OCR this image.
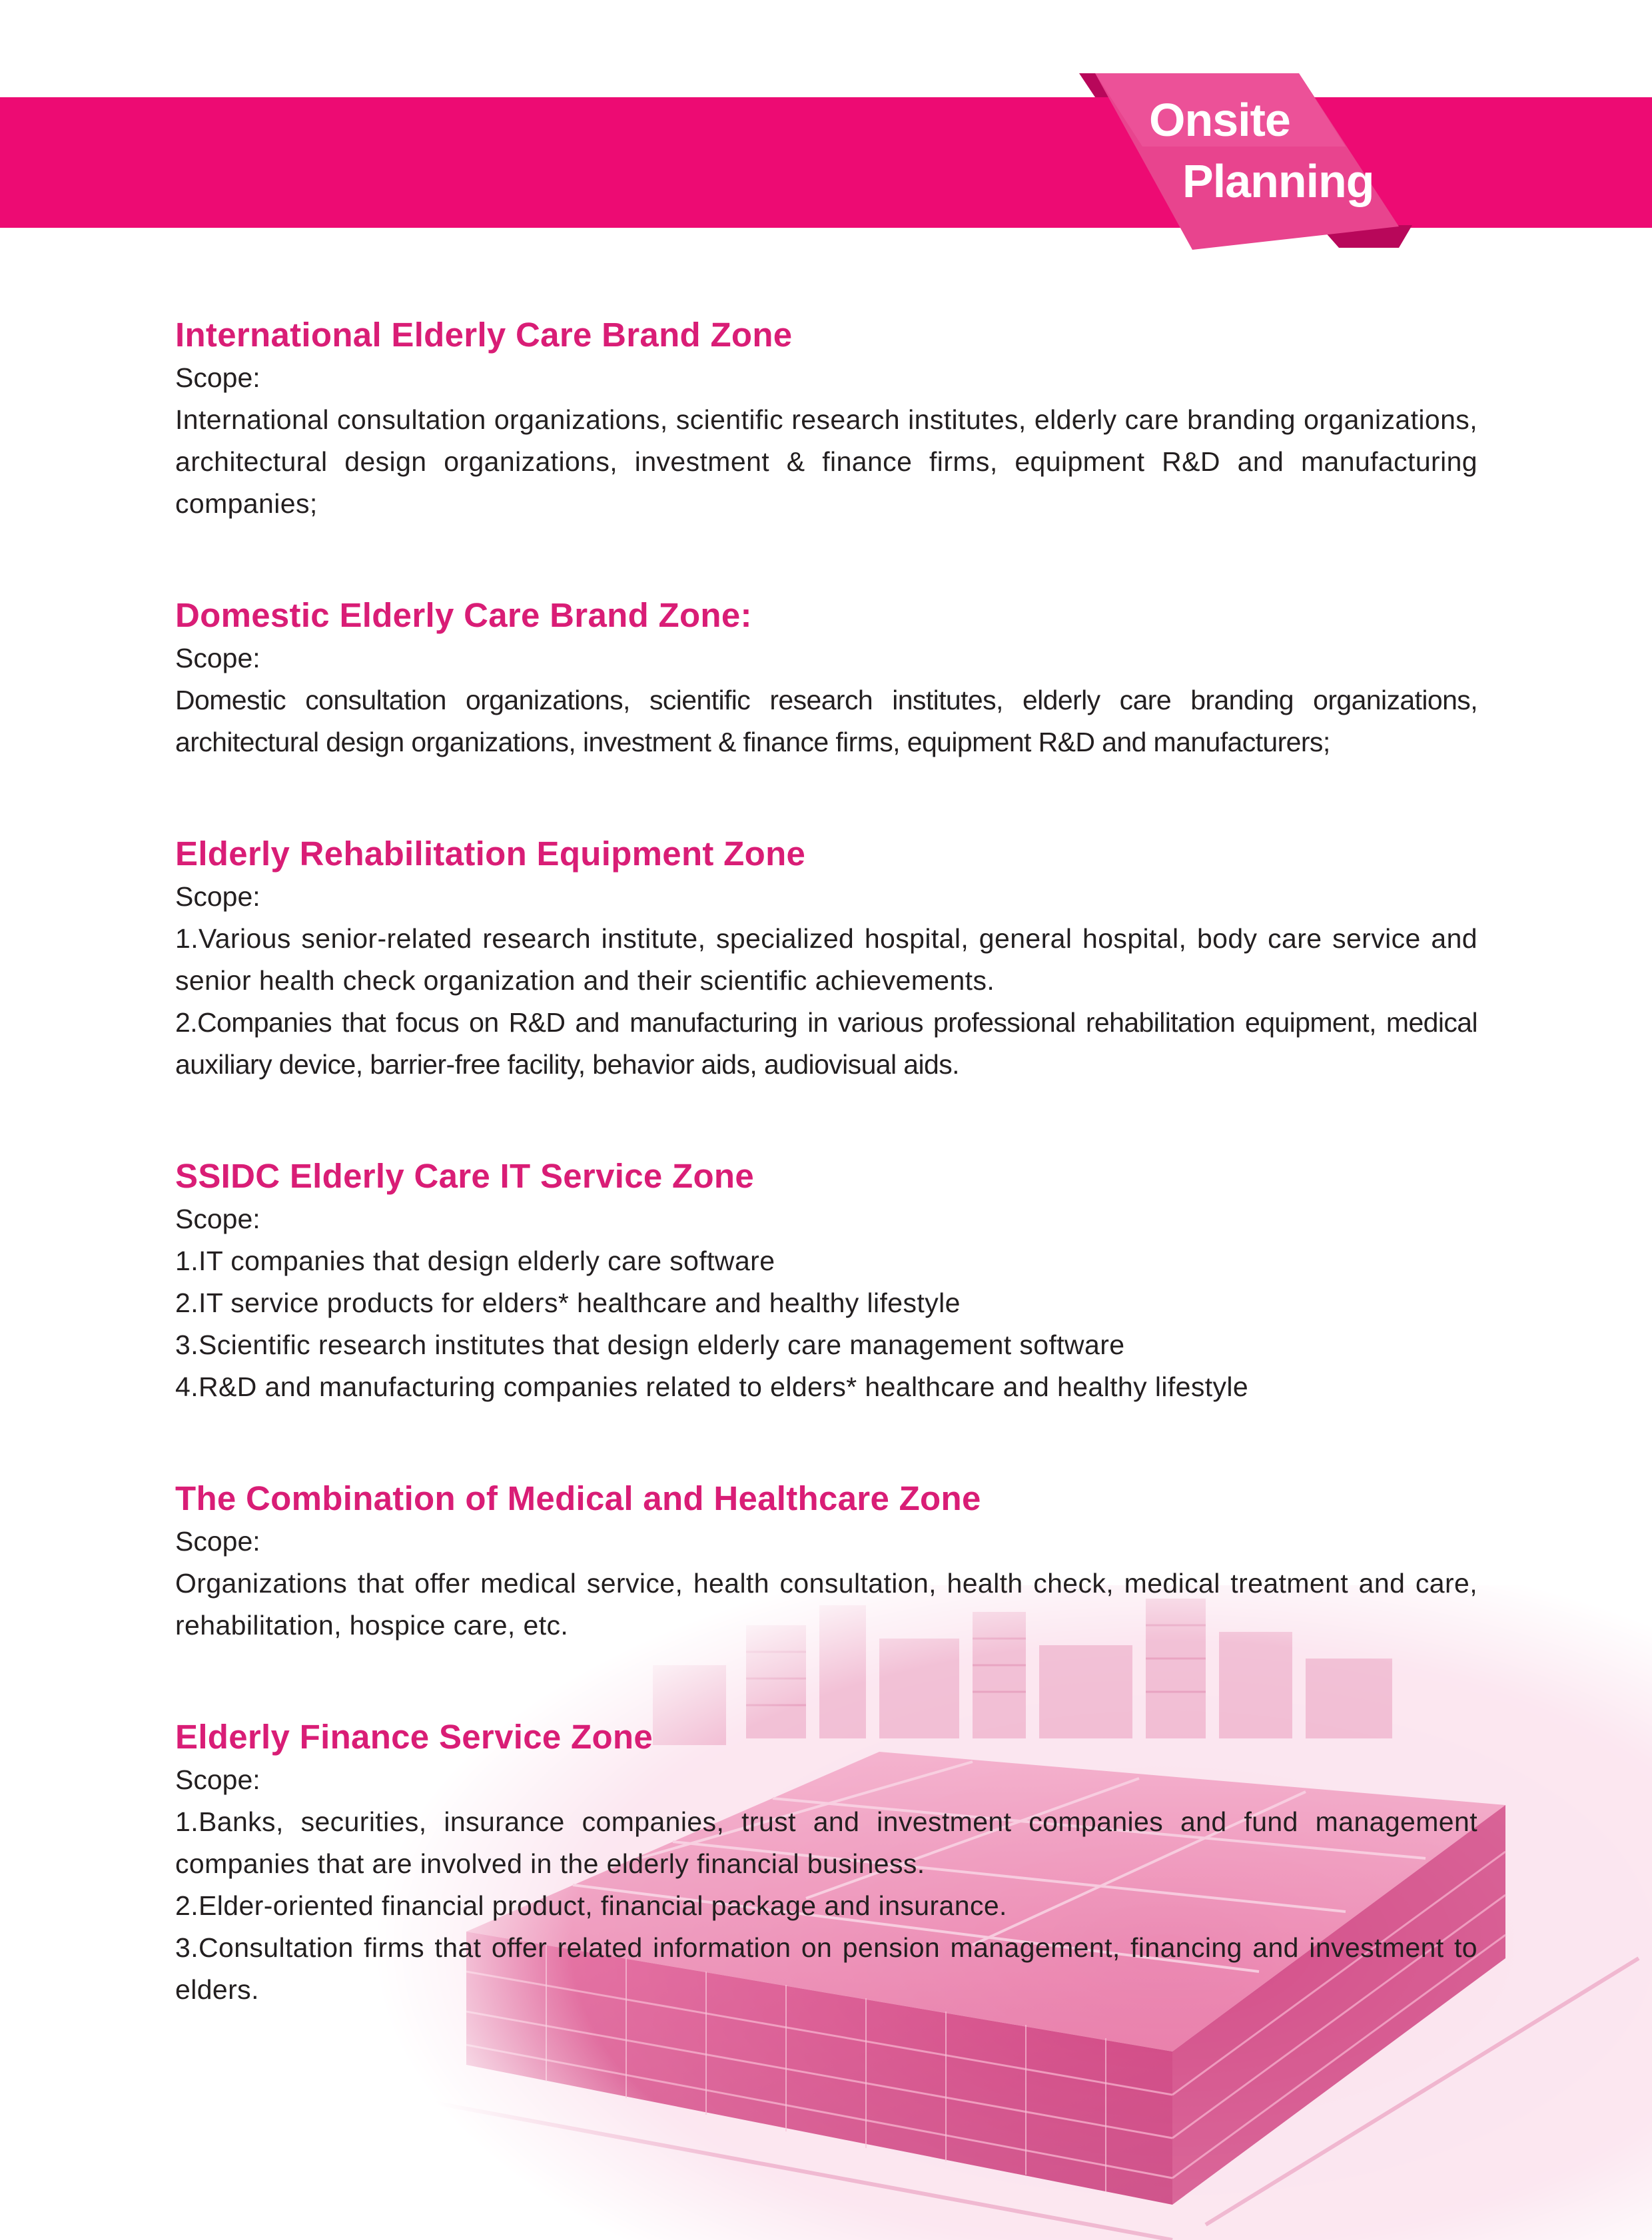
Onsite
Planning
International Elderly Care Brand Zone

Scope:

International consultation organizations, scientific research institutes, elderly care branding organizations, architectural design organizations, investment & finance firms, equipment R&D and manufacturing companies;

Domestic Elderly Care Brand Zone:

Scope:

Domestic consultation organizations, scientific research institutes, elderly care branding organizations, architectural design organizations, investment & finance firms, equipment R&D and manufacturers;

Elderly Rehabilitation Equipment Zone

Scope:

1.Various senior-related research institute, specialized hospital, general hospital, body care service and senior health check organization and their scientific achievements.

2.Companies that focus on R&D and manufacturing in various professional rehabilitation equipment, medical auxiliary device, barrier-free facility, behavior aids, audiovisual aids.

SSIDC Elderly Care IT Service Zone

Scope:

1.IT companies that design elderly care software

2.IT service products for elders* healthcare and healthy lifestyle

3.Scientific research institutes that design elderly care management software

4.R&D and manufacturing companies related to elders* healthcare and healthy lifestyle

The Combination of Medical and Healthcare Zone

Scope:

Organizations that offer medical service, health consultation, health check, medical treatment and care, rehabilitation, hospice care, etc.

Elderly Finance Service Zone

Scope:

1.Banks, securities, insurance companies, trust and investment companies and fund management companies that are involved in the elderly financial business.

2.Elder-oriented financial product, financial package and insurance.

3.Consultation firms that offer related information on pension management, financing and investment to elders.
